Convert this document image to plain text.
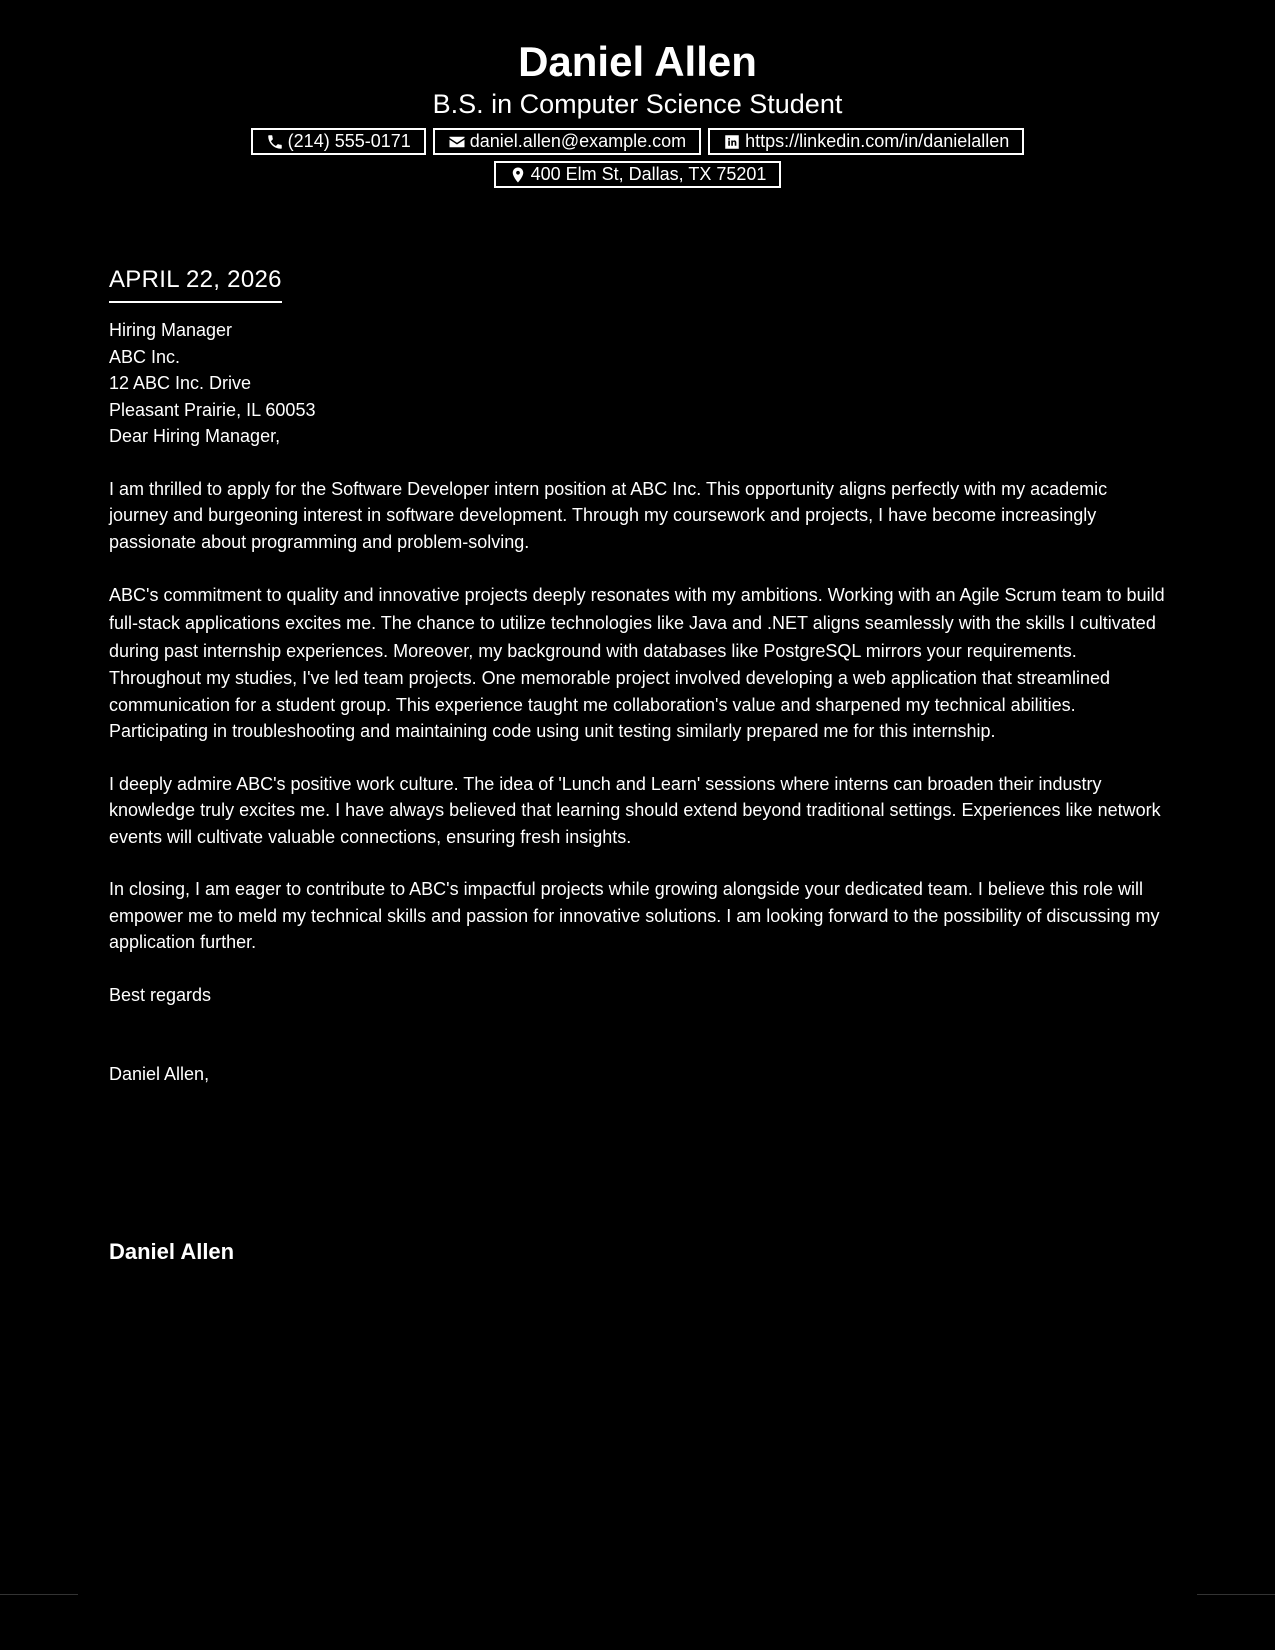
Daniel Allen
B.S. in Computer Science Student
(214) 555-0171	daniel.allen@example.com	https://linkedin.com/in/danielallen
400 Elm St, Dallas, TX 75201
APRIL 22, 2026
Hiring Manager
ABC Inc.
12 ABC Inc. Drive
Pleasant Prairie, IL 60053
Dear Hiring Manager,

I am thrilled to apply for the Software Developer intern position at ABC Inc. This opportunity aligns perfectly with my academic journey and burgeoning interest in software development. Through my coursework and projects, I have become increasingly passionate about programming and problem-solving.

ABC's commitment to quality and innovative projects deeply resonates with my ambitions. Working with an Agile Scrum team to build full-stack applications excites me. The chance to utilize technologies like Java and .NET aligns seamlessly with the skills I cultivated during past internship experiences. Moreover, my background with databases like PostgreSQL mirrors your requirements.

Throughout my studies, I've led team projects. One memorable project involved developing a web application that streamlined communication for a student group. This experience taught me collaboration's value and sharpened my technical abilities. Participating in troubleshooting and maintaining code using unit testing similarly prepared me for this internship.

I deeply admire ABC's positive work culture. The idea of 'Lunch and Learn' sessions where interns can broaden their industry knowledge truly excites me. I have always believed that learning should extend beyond traditional settings. Experiences like network events will cultivate valuable connections, ensuring fresh insights.

In closing, I am eager to contribute to ABC's impactful projects while growing alongside your dedicated team. I believe this role will empower me to meld my technical skills and passion for innovative solutions. I am looking forward to the possibility of discussing my application further.

Best regards
Daniel Allen,
Daniel Allen
